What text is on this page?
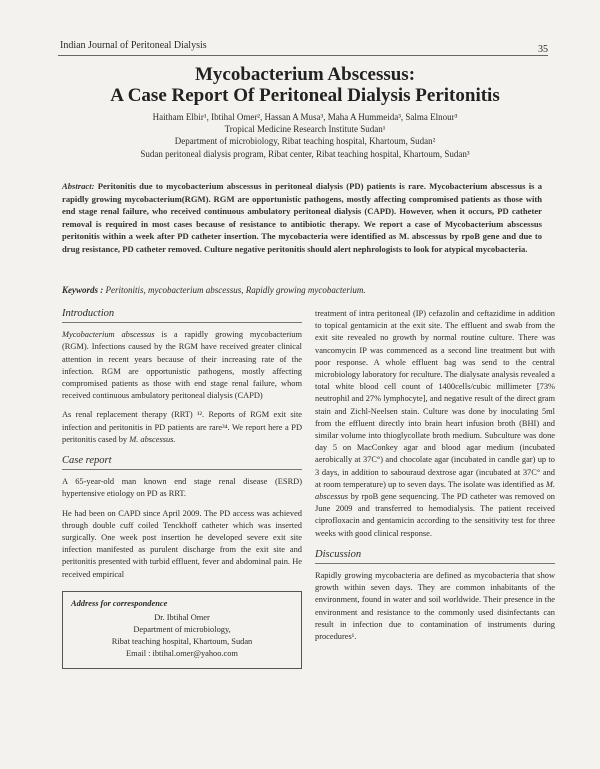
Indian Journal of Peritoneal Dialysis	35
Mycobacterium Abscessus:
A Case Report Of Peritoneal Dialysis Peritonitis
Haitham Elbir¹, Ibtihal Omer², Hassan A Musa³, Maha A Hummeida³, Salma Elnour³
Tropical Medicine Research Institute Sudan¹
Department of microbiology, Ribat teaching hospital, Khartoum, Sudan²
Sudan peritoneal dialysis program, Ribat center, Ribat teaching hospital, Khartoum, Sudan³
Abstract: Peritonitis due to mycobacterium abscessus in peritoneal dialysis (PD) patients is rare. Mycobacterium abscessus is a rapidly growing mycobacterium(RGM). RGM are opportunistic pathogens, mostly affecting compromised patients as those with end stage renal failure, who received continuous ambulatory peritoneal dialysis (CAPD). However, when it occurs, PD catheter removal is required in most cases because of resistance to antibiotic therapy. We report a case of Mycobacterium abscessus peritonitis within a week after PD catheter insertion. The mycobacteria were identified as M. abscessus by rpoB gene and due to drug resistance, PD catheter removed. Culture negative peritonitis should alert nephrologists to look for atypical mycobacteria.
Keywords : Peritonitis, mycobacterium abscessus, Rapidly growing mycobacterium.
Introduction

Mycobacterium abscessus is a rapidly growing mycobacterium (RGM). Infections caused by the RGM have received greater clinical attention in recent years because of their increasing rate of the infection. RGM are opportunistic pathogens, mostly affecting compromised patients as those with end stage renal failure, whom received continuous ambulatory peritoneal dialysis (CAPD)

As renal replacement therapy (RRT) ¹². Reports of RGM exit site infection and peritonitis in PD patients are rare³⁴. We report here a PD peritonitis cased by M. abscessus.

Case report

A 65-year-old man known end stage renal disease (ESRD) hypertensive etiology on PD as RRT.

He had been on CAPD since April 2009. The PD access was achieved through double cuff coiled Tenckhoff catheter which was inserted surgically. One week post insertion he developed severe exit site infection manifested as purulent discharge from the exit site and peritonitis presented with turbid effluent, fever and abdominal pain. He received empirical

Address for correspondence
Dr. Ibtihal Omer
Department of microbiology,
Ribat teaching hospital, Khartoum, Sudan
Email : ibtihal.omer@yahoo.com

treatment of intra peritoneal (IP) cefazolin and ceftazidime in addition to topical gentamicin at the exit site. The effluent and swab from the exit site revealed no growth by normal routine culture. There was vancomycin IP was commenced as a second line treatment but with poor response. A whole effluent bag was send to the central microbiology laboratory for reculture. The dialysate analysis revealed a total white blood cell count of 1400cells/cubic millimeter [73% neutrophil and 27% lymphocyte], and negative result of the direct gram stain and Zichl-Neelsen stain. Culture was done by inoculating 5ml from the effluent directly into brain heart infusion broth (BHI) and similar volume into thioglycollate broth medium. Subculture was done day 5 on MacConkey agar and blood agar medium (incubated aerobically at 37C°) and chocolate agar (incubated in candle gar) up to 3 days, in addition to sabouraud dextrose agar (incubated at 37C° and at room temperature) up to seven days. The isolate was identified as M. abscessus by rpoB gene sequencing. The PD catheter was removed on June 2009 and transferred to hemodialysis. The patient received ciprofloxacin and gentamicin according to the sensitivity test for three weeks with good clinical response.

Discussion

Rapidly growing mycobacteria are defined as mycobacteria that show growth within seven days. They are common inhabitants of the environment, found in water and soil worldwide. Their presence in the environment and resistance to the commonly used disinfectants can result in infection due to contamination of instruments during procedures¹.
